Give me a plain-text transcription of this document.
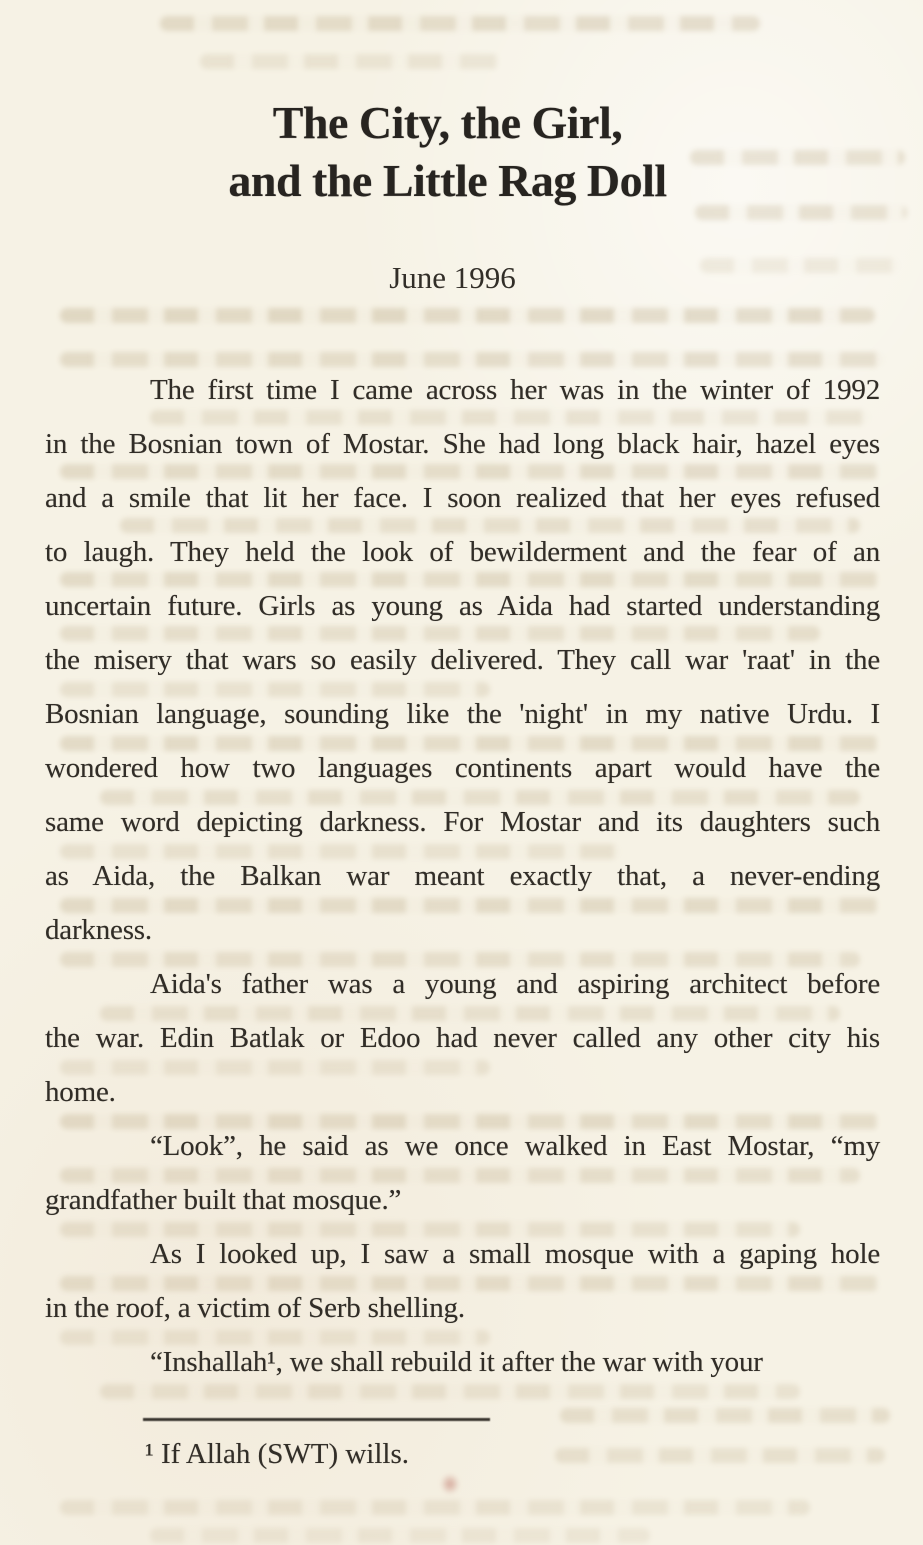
The City, the Girl,
and the Little Rag Doll
June 1996
The first time I came across her was in the winter of 1992
in the Bosnian town of Mostar. She had long black hair, hazel eyes
and a smile that lit her face. I soon realized that her eyes refused
to laugh. They held the look of bewilderment and the fear of an
uncertain future. Girls as young as Aida had started understanding
the misery that wars so easily delivered. They call war 'raat' in the
Bosnian language, sounding like the 'night' in my native Urdu. I
wondered how two languages continents apart would have the
same word depicting darkness. For Mostar and its daughters such
as Aida, the Balkan war meant exactly that, a never-ending
darkness.
Aida's father was a young and aspiring architect before
the war. Edin Batlak or Edoo had never called any other city his
home.
“Look”, he said as we once walked in East Mostar, “my
grandfather built that mosque.”
As I looked up, I saw a small mosque with a gaping hole
in the roof, a victim of Serb shelling.
“Inshallah¹, we shall rebuild it after the war with your
¹ If Allah (SWT) wills.
